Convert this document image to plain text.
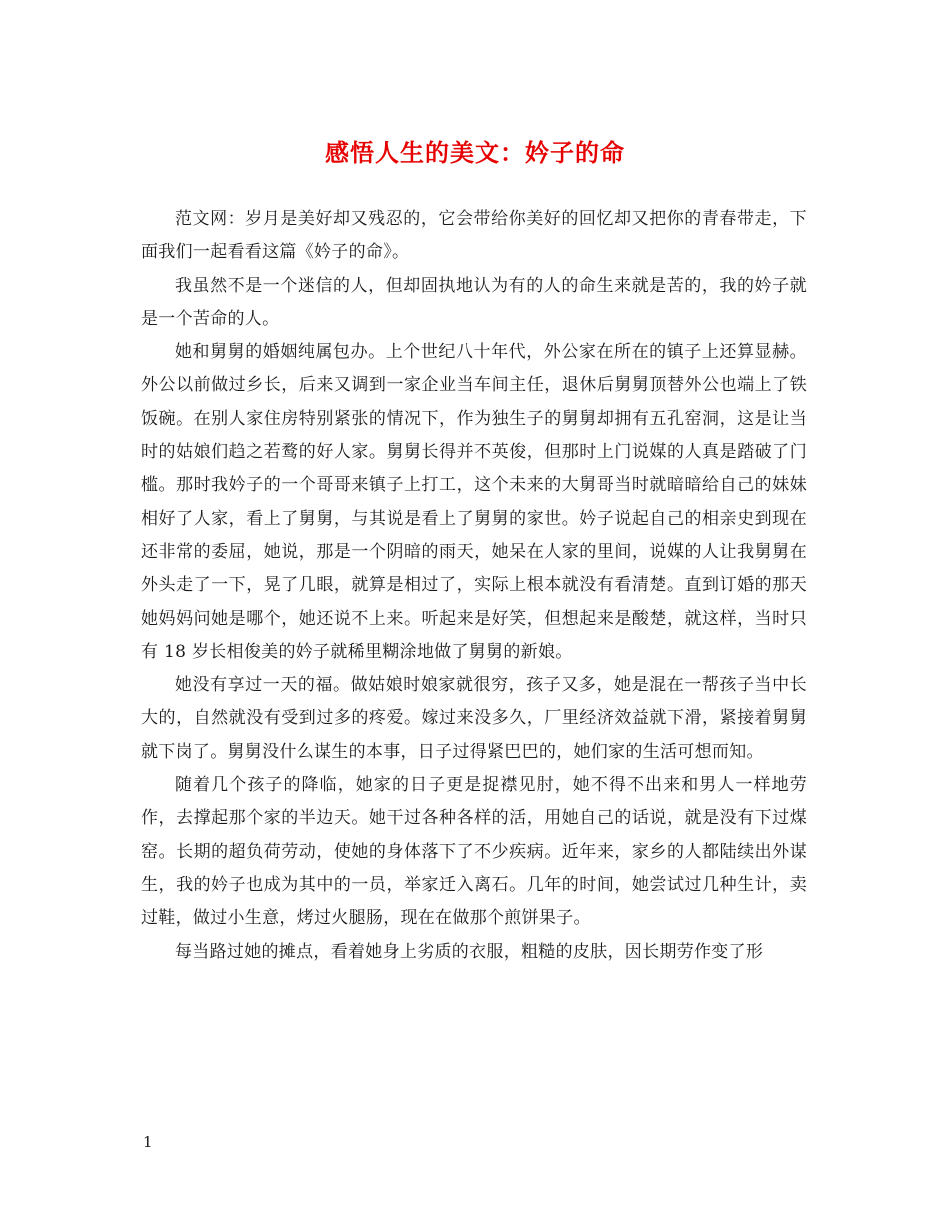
感悟人生的美文：妗子的命

范文网：岁月是美好却又残忍的，它会带给你美好的回忆却又把你的青春带走，下面我们一起看看这篇《妗子的命》。

我虽然不是一个迷信的人，但却固执地认为有的人的命生来就是苦的，我的妗子就是一个苦命的人。

她和舅舅的婚姻纯属包办。上个世纪八十年代，外公家在所在的镇子上还算显赫。外公以前做过乡长，后来又调到一家企业当车间主任，退休后舅舅顶替外公也端上了铁饭碗。在别人家住房特别紧张的情况下，作为独生子的舅舅却拥有五孔窑洞，这是让当时的姑娘们趋之若鹜的好人家。舅舅长得并不英俊，但那时上门说媒的人真是踏破了门槛。那时我妗子的一个哥哥来镇子上打工，这个未来的大舅哥当时就暗暗给自己的妹妹相好了人家，看上了舅舅，与其说是看上了舅舅的家世。妗子说起自己的相亲史到现在还非常的委屈，她说，那是一个阴暗的雨天，她呆在人家的里间，说媒的人让我舅舅在外头走了一下，晃了几眼，就算是相过了，实际上根本就没有看清楚。直到订婚的那天她妈妈问她是哪个，她还说不上来。听起来是好笑，但想起来是酸楚，就这样，当时只有 18 岁长相俊美的妗子就稀里糊涂地做了舅舅的新娘。

她没有享过一天的福。做姑娘时娘家就很穷，孩子又多，她是混在一帮孩子当中长大的，自然就没有受到过多的疼爱。嫁过来没多久，厂里经济效益就下滑，紧接着舅舅就下岗了。舅舅没什么谋生的本事，日子过得紧巴巴的，她们家的生活可想而知。

随着几个孩子的降临，她家的日子更是捉襟见肘，她不得不出来和男人一样地劳作，去撑起那个家的半边天。她干过各种各样的活，用她自己的话说，就是没有下过煤窑。长期的超负荷劳动，使她的身体落下了不少疾病。近年来，家乡的人都陆续出外谋生，我的妗子也成为其中的一员，举家迁入离石。几年的时间，她尝试过几种生计，卖过鞋，做过小生意，烤过火腿肠，现在在做那个煎饼果子。

每当路过她的摊点，看着她身上劣质的衣服，粗糙的皮肤，因长期劳作变了形

1
